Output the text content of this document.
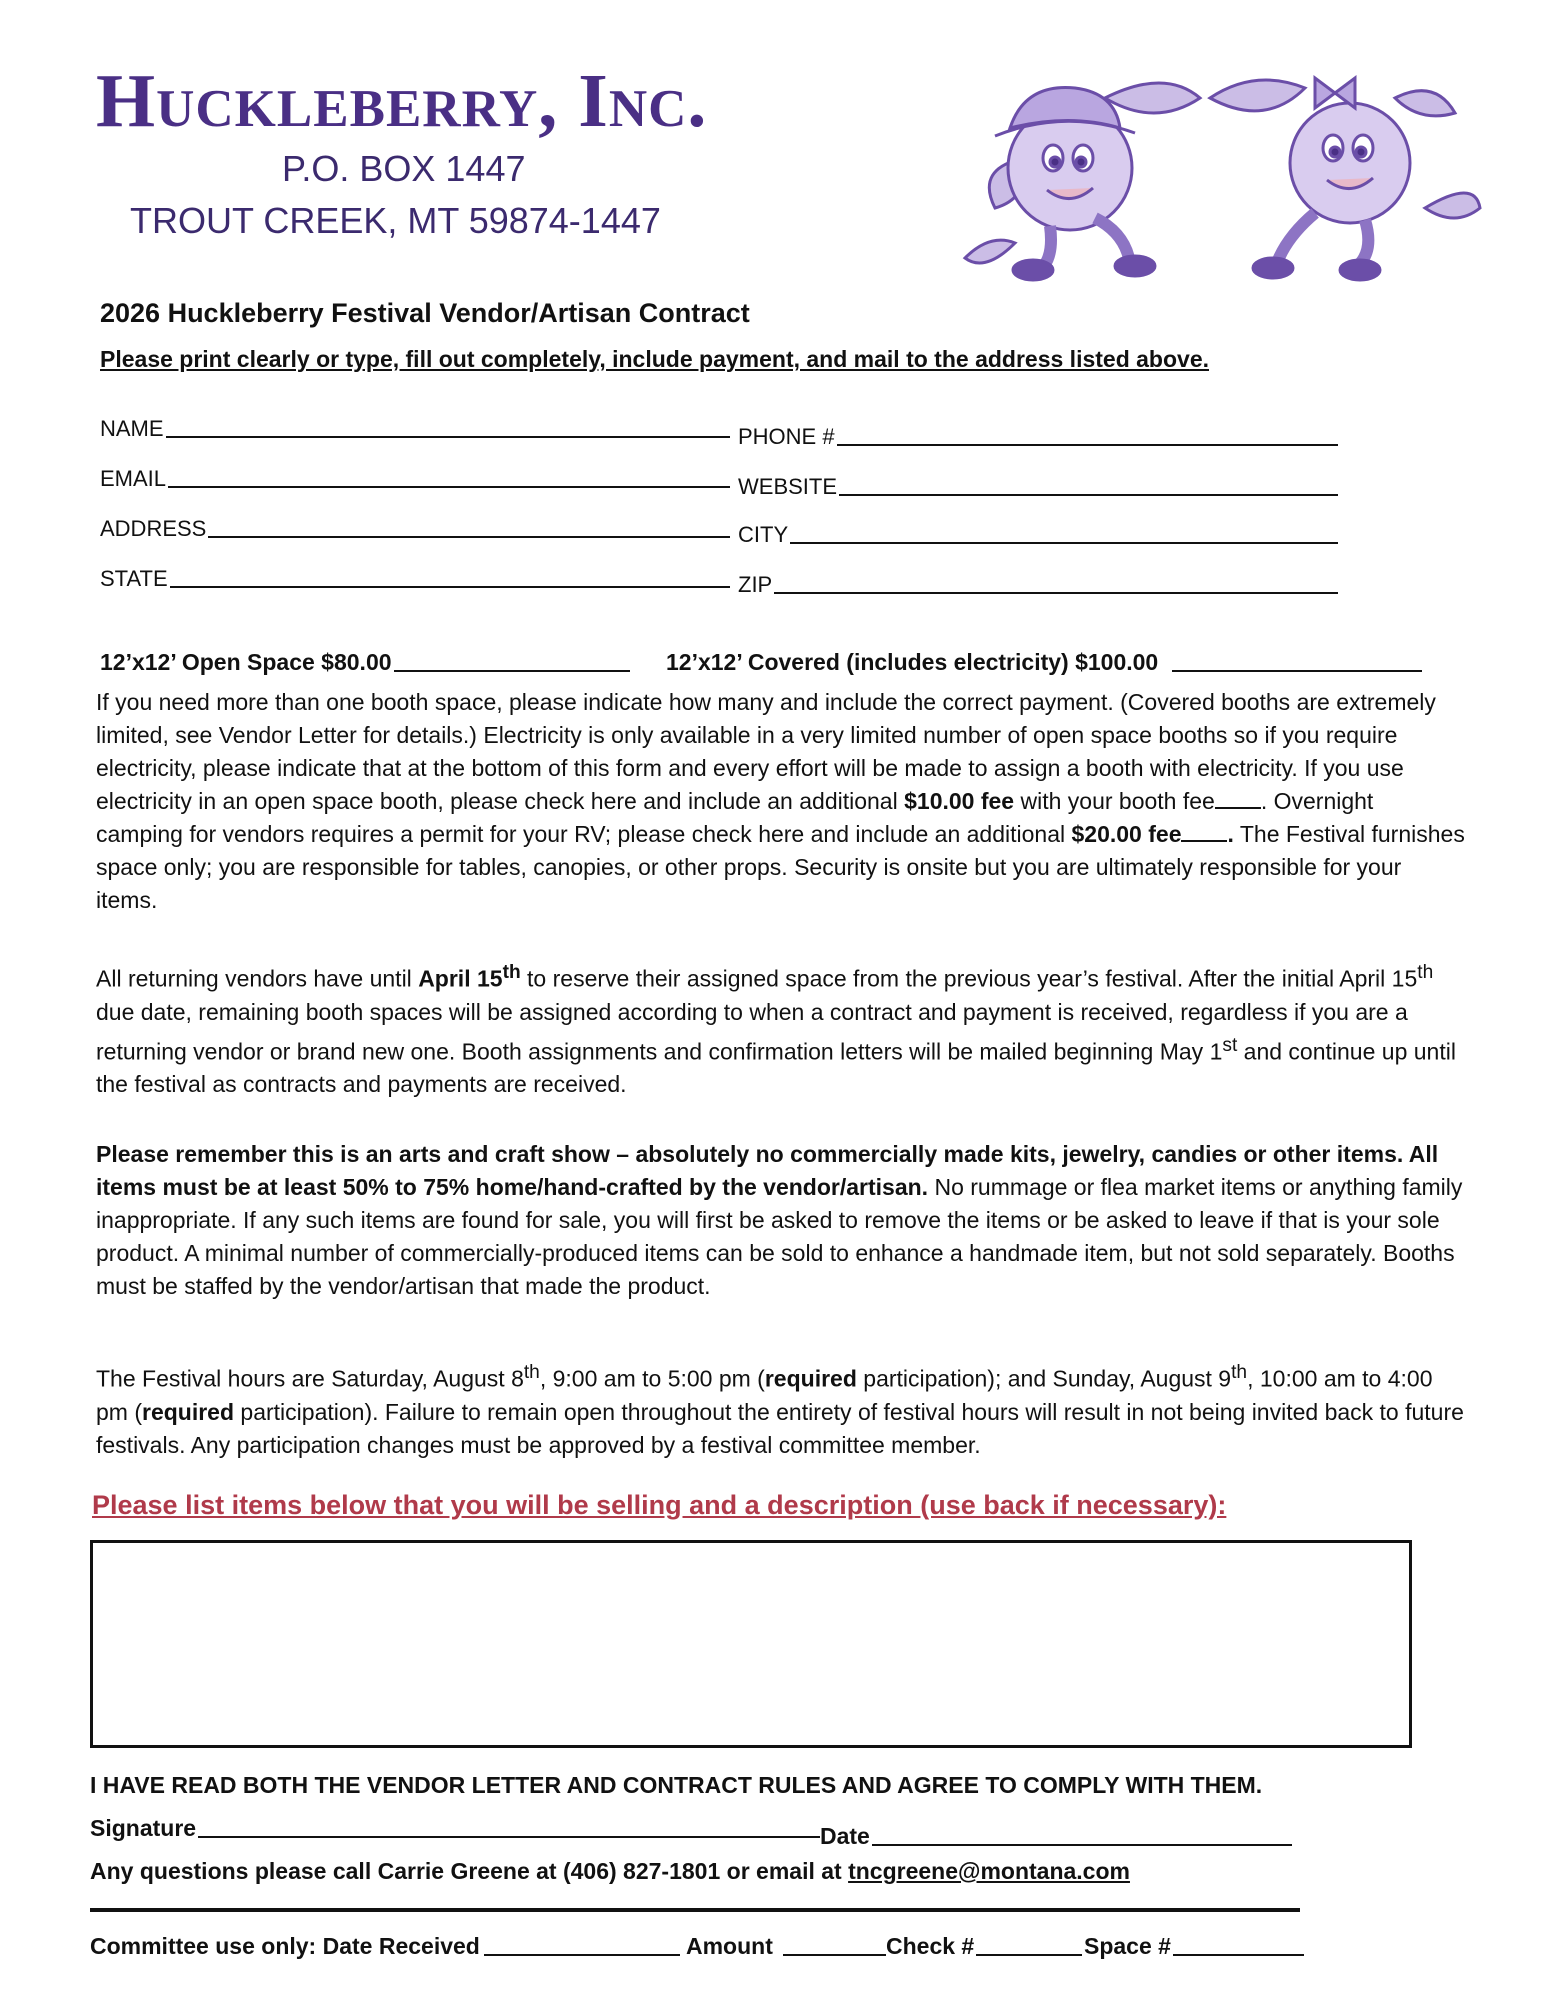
Huckleberry, Inc.
P.O. BOX 1447
TROUT CREEK, MT 59874-1447
2026 Huckleberry Festival Vendor/Artisan Contract
Please print clearly or type, fill out completely, include payment, and mail to the address listed above.
NAME	PHONE #
EMAIL	WEBSITE
ADDRESS	CITY
STATE	ZIP
12’x12’ Open Space $80.00	12’x12’ Covered (includes electricity) $100.00
If you need more than one booth space, please indicate how many and include the correct payment. (Covered booths are extremely limited, see Vendor Letter for details.) Electricity is only available in a very limited number of open space booths so if you require electricity, please indicate that at the bottom of this form and every effort will be made to assign a booth with electricity. If you use electricity in an open space booth, please check here and include an additional $10.00 fee with your booth fee . Overnight camping for vendors requires a permit for your RV; please check here and include an additional $20.00 fee . The Festival furnishes space only; you are responsible for tables, canopies, or other props. Security is onsite but you are ultimately responsible for your items.
All returning vendors have until April 15th to reserve their assigned space from the previous year’s festival. After the initial April 15th due date, remaining booth spaces will be assigned according to when a contract and payment is received, regardless if you are a returning vendor or brand new one. Booth assignments and confirmation letters will be mailed beginning May 1st and continue up until the festival as contracts and payments are received.
Please remember this is an arts and craft show – absolutely no commercially made kits, jewelry, candies or other items. All items must be at least 50% to 75% home/hand-crafted by the vendor/artisan. No rummage or flea market items or anything family inappropriate. If any such items are found for sale, you will first be asked to remove the items or be asked to leave if that is your sole product. A minimal number of commercially-produced items can be sold to enhance a handmade item, but not sold separately. Booths must be staffed by the vendor/artisan that made the product.
The Festival hours are Saturday, August 8th, 9:00 am to 5:00 pm (required participation); and Sunday, August 9th, 10:00 am to 4:00 pm (required participation). Failure to remain open throughout the entirety of festival hours will result in not being invited back to future festivals. Any participation changes must be approved by a festival committee member.
Please list items below that you will be selling and a description (use back if necessary):
I HAVE READ BOTH THE VENDOR LETTER AND CONTRACT RULES AND AGREE TO COMPLY WITH THEM.
Signature	Date
Any questions please call Carrie Greene at (406) 827-1801 or email at tncgreene@montana.com
Committee use only: Date Received	Amount	Check #	Space #
